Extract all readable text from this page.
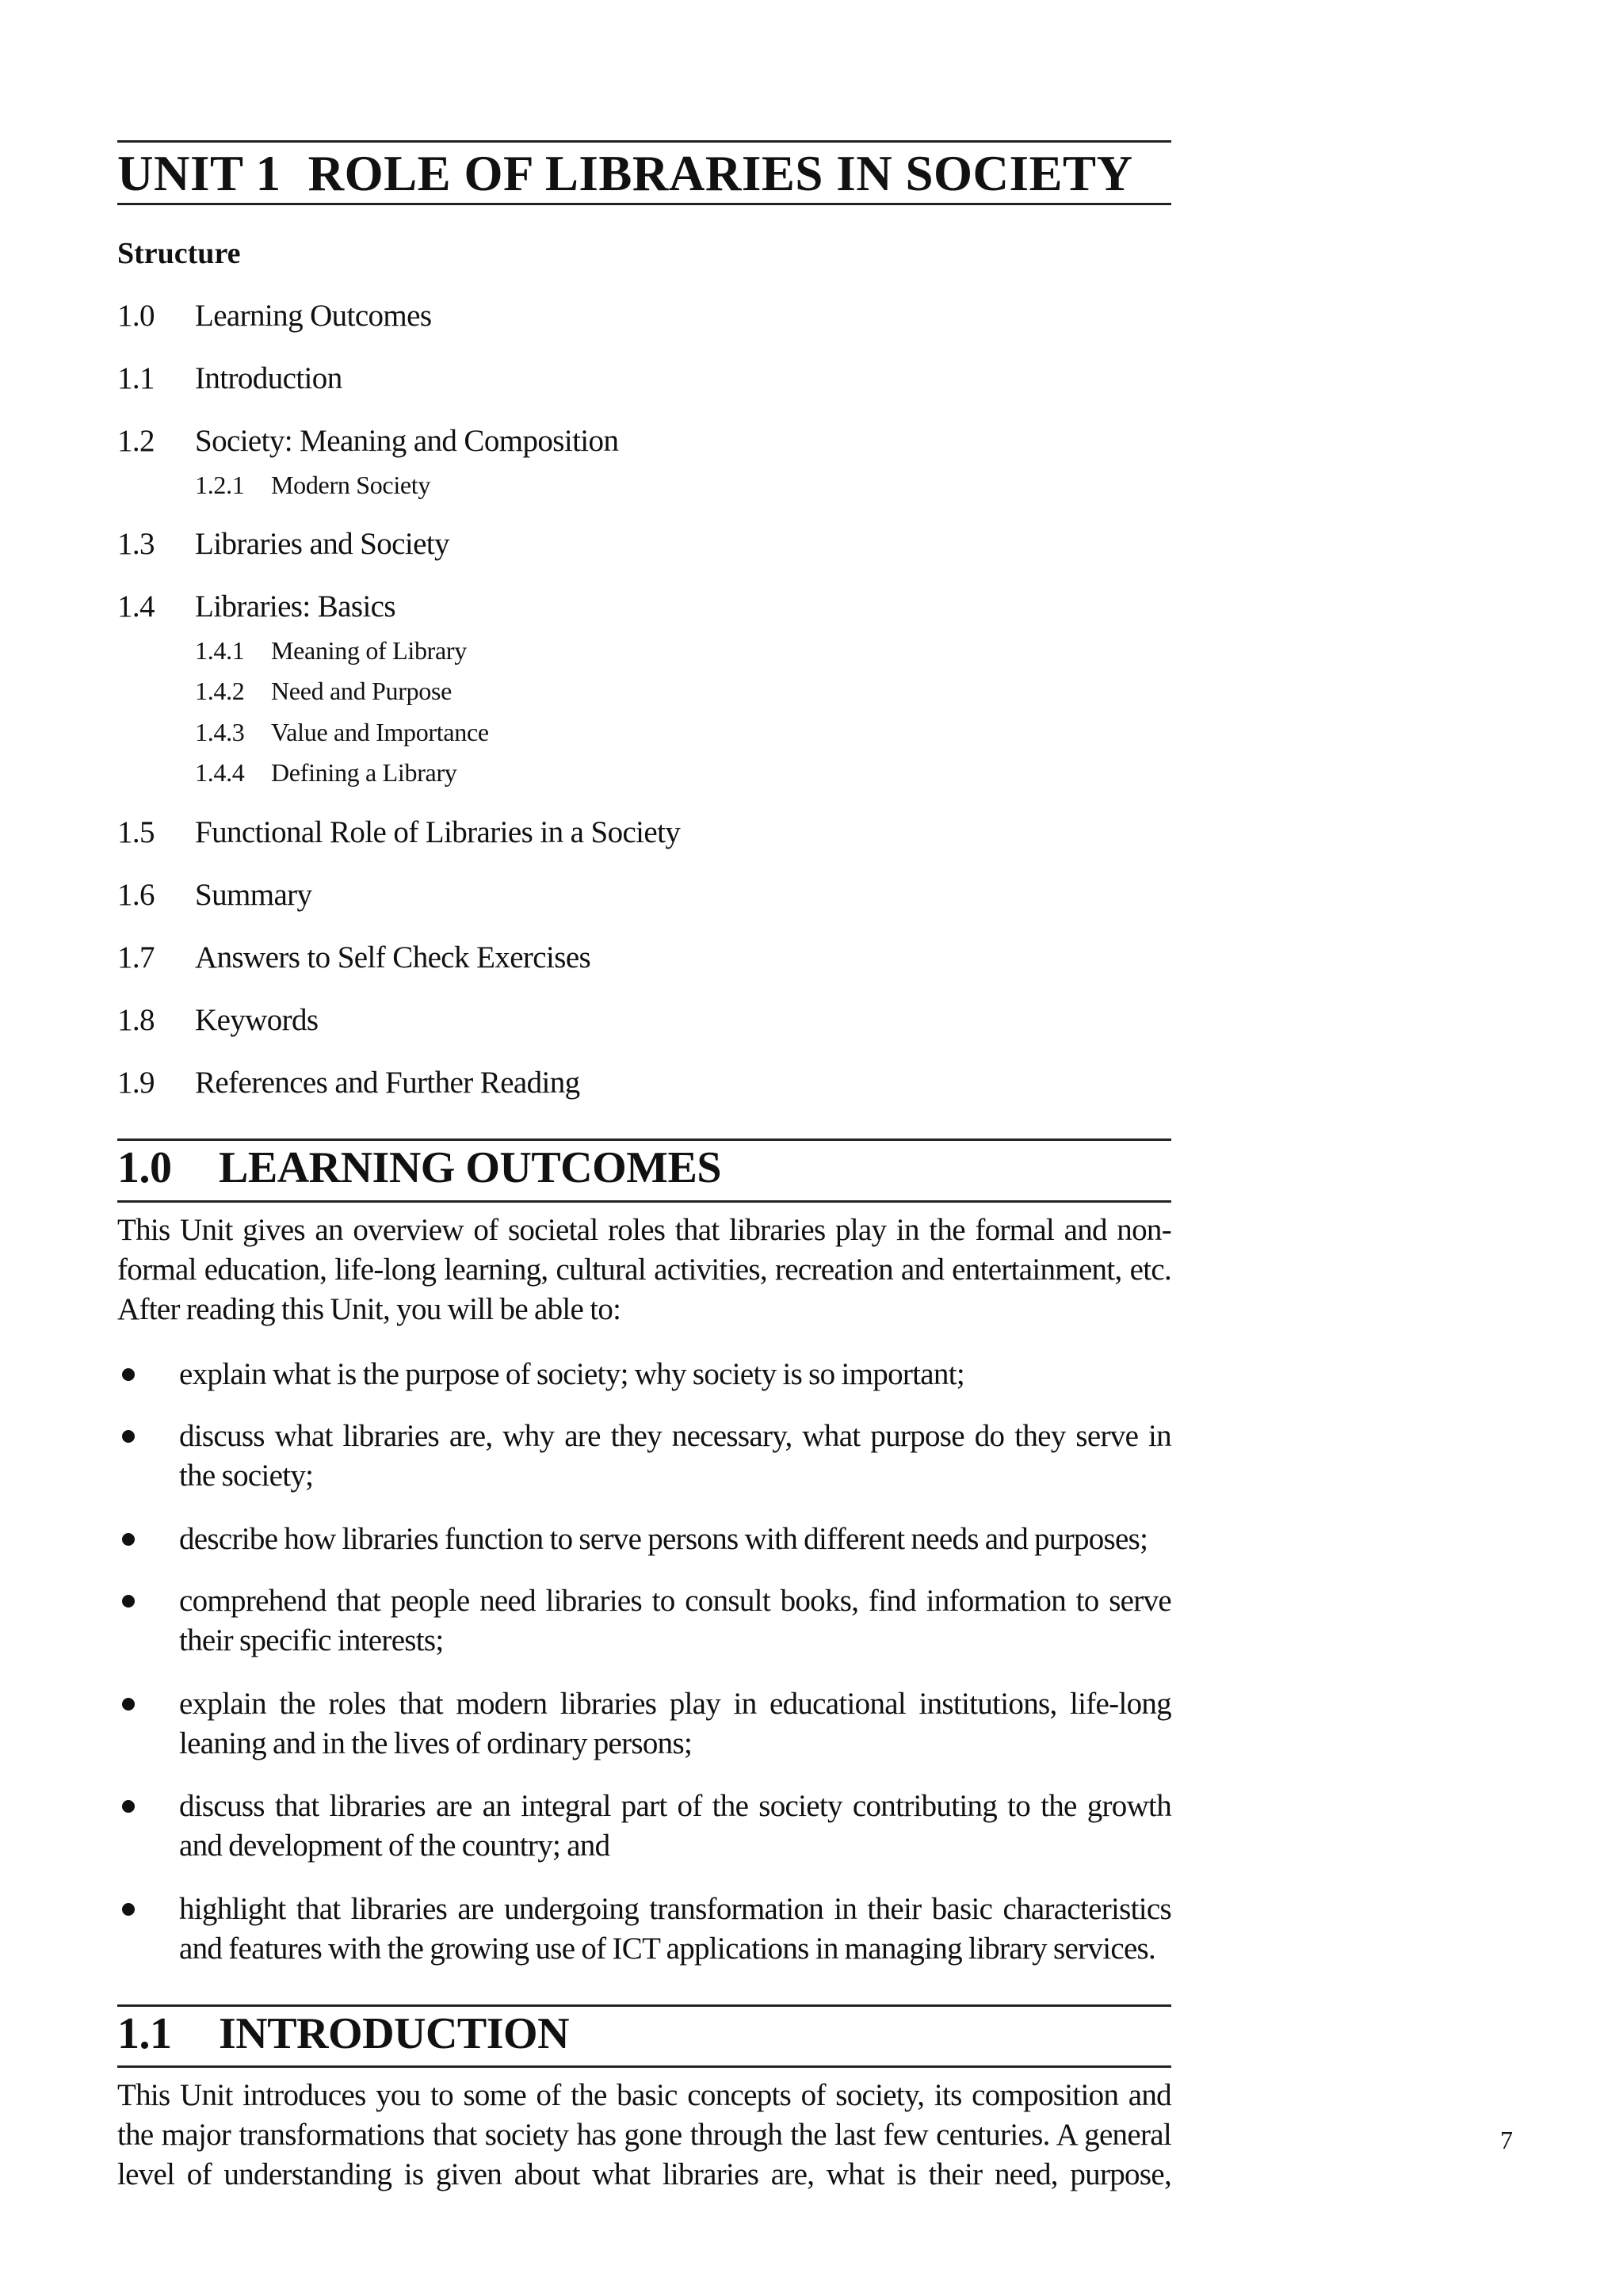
UNIT 1 ROLE OF LIBRARIES IN SOCIETY
Structure
1.0 Learning Outcomes
1.1 Introduction
1.2 Society: Meaning and Composition
1.2.1 Modern Society
1.3 Libraries and Society
1.4 Libraries: Basics
1.4.1 Meaning of Library
1.4.2 Need and Purpose
1.4.3 Value and Importance
1.4.4 Defining a Library
1.5 Functional Role of Libraries in a Society
1.6 Summary
1.7 Answers to Self Check Exercises
1.8 Keywords
1.9 References and Further Reading
1.0 LEARNING OUTCOMES
This Unit gives an overview of societal roles that libraries play in the formal and non-
formal education, life-long learning, cultural activities, recreation and entertainment, etc.
After reading this Unit, you will be able to:
explain what is the purpose of society; why society is so important;
discuss what libraries are, why are they necessary, what purpose do they serve in
the society;
describe how libraries function to serve persons with different needs and purposes;
comprehend that people need libraries to consult books, find information to serve
their specific interests;
explain the roles that modern libraries play in educational institutions, life-long
leaning and in the lives of ordinary persons;
discuss that libraries are an integral part of the society contributing to the growth
and development of the country; and
highlight that libraries are undergoing transformation in their basic characteristics
and features with the growing use of ICT applications in managing library services.
1.1 INTRODUCTION
This Unit introduces you to some of the basic concepts of society, its composition and
the major transformations that society has gone through the last few centuries. A general
level of understanding is given about what libraries are, what is their need, purpose,
7
